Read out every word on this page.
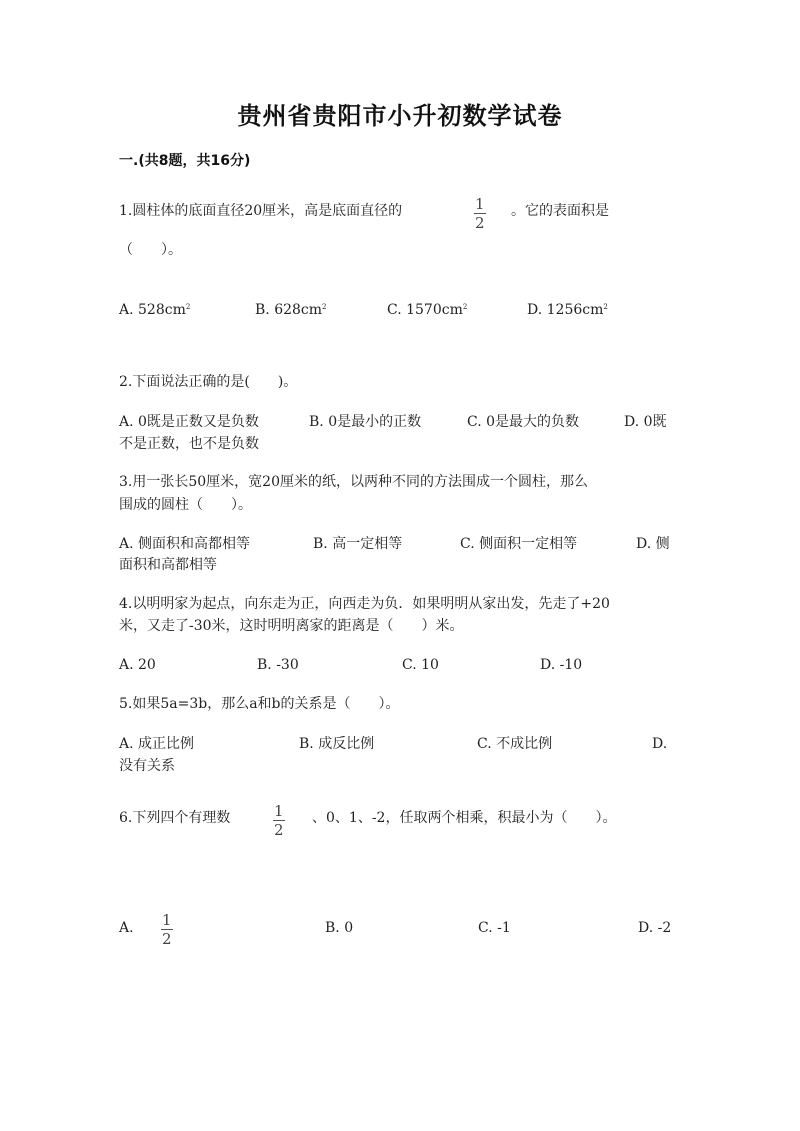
贵州省贵阳市小升初数学试卷
一.(共8题，共16分)
1.圆柱体的底面直径20厘米，高是底面直径的	1
2
。它的表面积是
（　　）。
A. $528cm^2$	B. $628cm^2$	C. $1570cm^2$	D. $1256cm^2$
2.下面说法正确的是(　　)。
A. 0既是正数又是负数	B. 0是最小的正数	C. 0是最大的负数	D. 0既
不是正数，也不是负数
3.用一张长50厘米，宽20厘米的纸，以两种不同的方法围成一个圆柱，那么
围成的圆柱（　　）。
A. 侧面积和高都相等	B. 高一定相等	C. 侧面积一定相等	D. 侧
面积和高都相等
4.以明明家为起点，向东走为正，向西走为负．如果明明从家出发，先走了+20
米，又走了-30米，这时明明离家的距离是（　　）米。
A. 20	B. -30	C. 10	D. -10
5.如果5a=3b，那么a和b的关系是（　　）。
A. 成正比例	B. 成反比例	C. 不成比例	D.
没有关系
6.下列四个有理数	1
2
、0、1、-2，任取两个相乘，积最小为（　　）。
A. 1
2
B. 0	C. -1	D. -2
